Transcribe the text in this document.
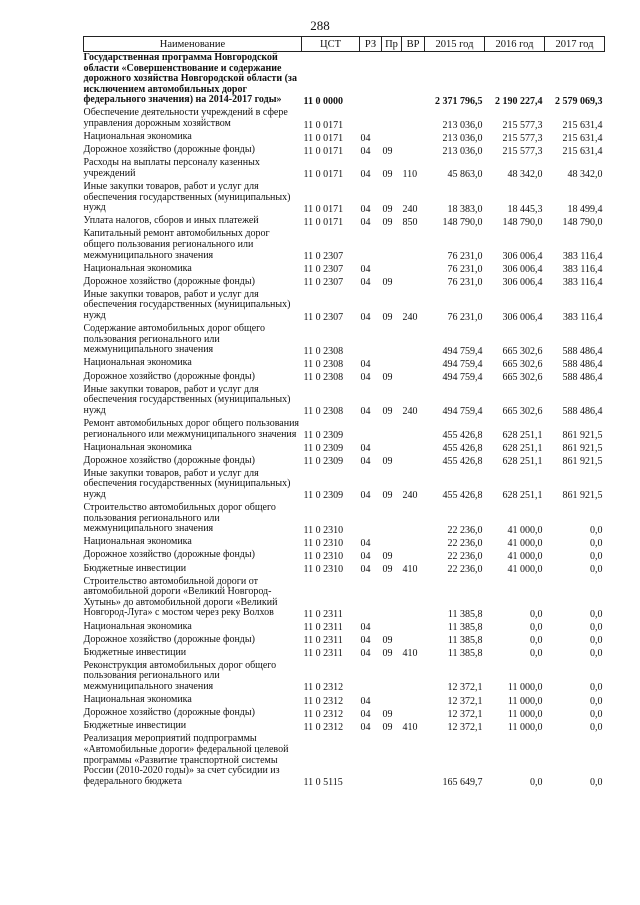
288
Наименование	ЦСТ	РЗ	Пр	ВР	2015 год	2016 год	2017 год
Государственная программа Новгородской области «Совершенствование и содержание дорожного хозяйства Новгородской области (за исключением автомобильных дорог федерального значения) на 2014-2017 годы»	11 0 0000				2 371 796,5	2 190 227,4	2 579 069,3
Обеспечение деятельности учреждений в сфере управления дорожным хозяйством	11 0 0171				213 036,0	215 577,3	215 631,4
Национальная экономика	11 0 0171	04			213 036,0	215 577,3	215 631,4
Дорожное хозяйство (дорожные фонды)	11 0 0171	04	09		213 036,0	215 577,3	215 631,4
Расходы на выплаты персоналу казенных учреждений	11 0 0171	04	09	110	45 863,0	48 342,0	48 342,0
Иные закупки товаров, работ и услуг для обеспечения государственных (муниципальных) нужд	11 0 0171	04	09	240	18 383,0	18 445,3	18 499,4
Уплата налогов, сборов и иных платежей	11 0 0171	04	09	850	148 790,0	148 790,0	148 790,0
Капитальный ремонт автомобильных дорог общего пользования регионального или межмуниципального значения	11 0 2307				76 231,0	306 006,4	383 116,4
Национальная экономика	11 0 2307	04			76 231,0	306 006,4	383 116,4
Дорожное хозяйство (дорожные фонды)	11 0 2307	04	09		76 231,0	306 006,4	383 116,4
Иные закупки товаров, работ и услуг для обеспечения государственных (муниципальных) нужд	11 0 2307	04	09	240	76 231,0	306 006,4	383 116,4
Содержание автомобильных дорог общего пользования регионального или межмуниципального значения	11 0 2308				494 759,4	665 302,6	588 486,4
Национальная экономика	11 0 2308	04			494 759,4	665 302,6	588 486,4
Дорожное хозяйство (дорожные фонды)	11 0 2308	04	09		494 759,4	665 302,6	588 486,4
Иные закупки товаров, работ и услуг для обеспечения государственных (муниципальных) нужд	11 0 2308	04	09	240	494 759,4	665 302,6	588 486,4
Ремонт автомобильных дорог общего пользования регионального или межмуниципального значения	11 0 2309				455 426,8	628 251,1	861 921,5
Национальная экономика	11 0 2309	04			455 426,8	628 251,1	861 921,5
Дорожное хозяйство (дорожные фонды)	11 0 2309	04	09		455 426,8	628 251,1	861 921,5
Иные закупки товаров, работ и услуг для обеспечения государственных (муниципальных) нужд	11 0 2309	04	09	240	455 426,8	628 251,1	861 921,5
Строительство автомобильных дорог общего пользования регионального или межмуниципального значения	11 0 2310				22 236,0	41 000,0	0,0
Национальная экономика	11 0 2310	04			22 236,0	41 000,0	0,0
Дорожное хозяйство (дорожные фонды)	11 0 2310	04	09		22 236,0	41 000,0	0,0
Бюджетные инвестиции	11 0 2310	04	09	410	22 236,0	41 000,0	0,0
Строительство автомобильной дороги от автомобильной дороги «Великий Новгород-Хутынь» до автомобильной дороги «Великий Новгород-Луга» с мостом через реку Волхов	11 0 2311				11 385,8	0,0	0,0
Национальная экономика	11 0 2311	04			11 385,8	0,0	0,0
Дорожное хозяйство (дорожные фонды)	11 0 2311	04	09		11 385,8	0,0	0,0
Бюджетные инвестиции	11 0 2311	04	09	410	11 385,8	0,0	0,0
Реконструкция автомобильных дорог общего пользования регионального или межмуниципального значения	11 0 2312				12 372,1	11 000,0	0,0
Национальная экономика	11 0 2312	04			12 372,1	11 000,0	0,0
Дорожное хозяйство (дорожные фонды)	11 0 2312	04	09		12 372,1	11 000,0	0,0
Бюджетные инвестиции	11 0 2312	04	09	410	12 372,1	11 000,0	0,0
Реализация мероприятий подпрограммы «Автомобильные дороги» федеральной целевой программы «Развитие транспортной системы России (2010-2020 годы)» за счет субсидии из федерального бюджета	11 0 5115				165 649,7	0,0	0,0
